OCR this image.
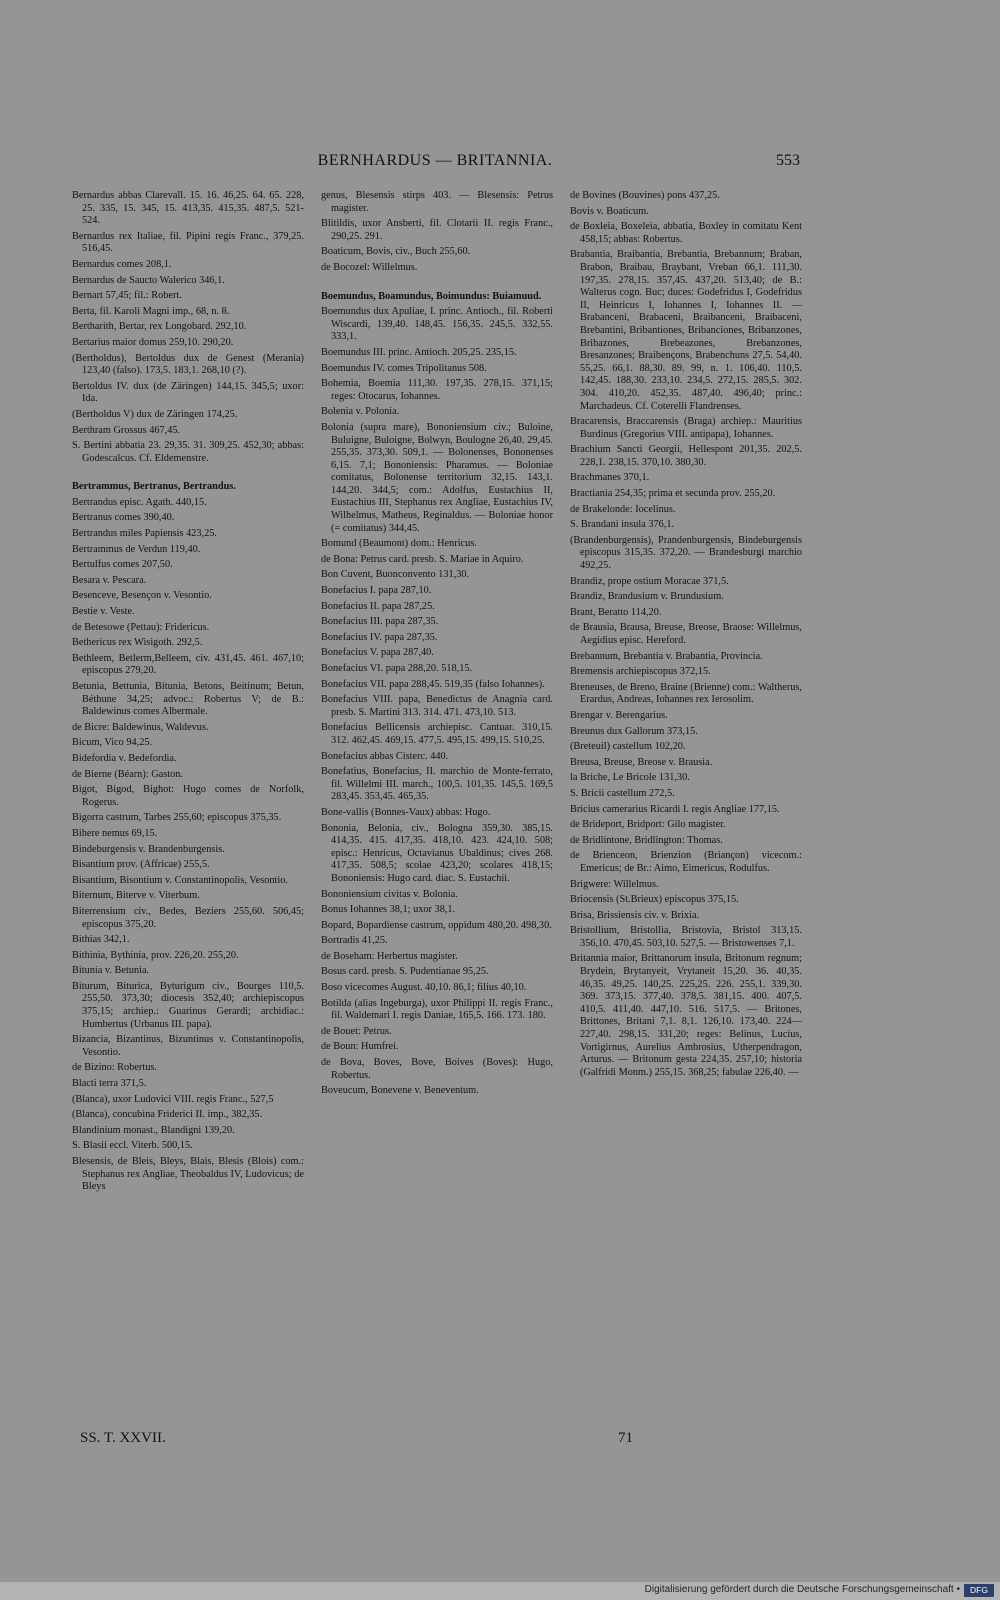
BERNHARDUS — BRITANNIA.	553

Bernardus abbas Clarevall. 15. 16. 46,25. 64. 65. 228, 25. 335, 15. 345, 15. 413,35. 415,35. 487,5. 521- 524.

Bernardus rex Italiae, fil. Pipini regis Franc., 379,25. 516,45.

Bernardus comes 208,1.

Bernardus de Saucto Walerico 346,1.

Bernart 57,45; fil.: Robert.

Berta, fil. Karoli Magni imp., 68, n. 8.

Bertharith, Bertar, rex Longobard. 292,10.

Bertarius maior domus 259,10. 290,20.

(Bertholdus), Bertoldus dux de Genest (Merania) 123,40 (falso). 173,5. 183,1. 268,10 (?).

Bertoldus IV. dux (de Zäringen) 144,15. 345,5; uxor: Ida.

(Bertholdus V) dux de Zäringen 174,25.

Berthram Grossus 467,45.

S. Bertini abbatia 23. 29,35. 31. 309,25. 452,30; abbas: Godescalcus. Cf. Eldemenstre.

Bertrammus, Bertranus, Bertrandus.

Bertrandus episc. Agath. 440,15.

Bertranus comes 390,40.

Bertrandus miles Papiensis 423,25.

Bertrammus de Verdun 119,40.

Bertulfus comes 207,50.

Besara v. Pescara.

Besenceve, Besençon v. Vesontio.

Bestie v. Veste.

de Betesowe (Pettau): Fridericus.

Bethericus rex Wisigoth. 292,5.

Bethleem, Betlerm,Belleem, civ. 431,45. 461. 467,10; episcopus 279,20.

Betunia, Bettunia, Bitunia, Betons, Beitinum; Betun, Béthune 34,25; advoc.: Robertus V; de B.: Baldewinus comes Albermale.

de Bicre: Baldewinus, Waldevus.

Bicum, Vico 94,25.

Bidefordia v. Bedefordia.

de Bierne (Béarn): Gaston.

Bigot, Bigod, Bighot: Hugo comes de Norfolk, Rogerus.

Bigorra castrum, Tarbes 255,60; episcopus 375,35.

Bihere nemus 69,15.

Bindeburgensis v. Brandenburgensis.

Bisantium prov. (Affricae) 255,5.

Bisantium, Bisontium v. Constantinopolis, Vesontio.

Biternum, Biterve v. Viterbum.

Biterrensium civ., Bedes, Beziers 255,60. 506,45; episcopus 375,20.

Bithias 342,1.

Bithinia, Bythinia, prov. 226,20. 255,20.

Bitunia v. Betunia.

Biturum, Biturica, Byturigum civ., Bourges 110,5. 255,50. 373,30; diocesis 352,40; archiepiscopus 375,15; archiep.: Guarinus Gerardi; archidiac.: Humbertus (Urbanus III. papa).

Bizancia, Bizantinus, Bizuntinus v. Constantinopolis, Vesontio.

de Bizino: Robertus.

Blacti terra 371,5.

(Blanca), uxor Ludovici VIII. regis Franc., 527,5

(Blanca), concubina Friderici II. imp., 382,35.

Blandinium monast., Blandigni 139,20.

S. Blasii eccl. Viterb. 500,15.

Blesensis, de Bleis, Bleys, Blais, Blesis (Blois) com.: Stephanus rex Angliae, Theobaldus IV, Ludovicus; de Bleys

genus, Blesensis stirps 403. — Blesensis: Petrus magister.

Blitildis, uxor Ansberti, fil. Clotarii II. regis Franc., 290,25. 291.

Boaticum, Bovis, civ., Buch 255,60.

de Bocozel: Willelmus.

Boemundus, Boamundus, Boimundus: Buiamuud.

Boemundus dux Apuliae, I. princ. Antioch., fil. Roberti Wiscardi, 139,40. 148,45. 156,35. 245,5. 332,55. 333,1.

Boemundus III. princ. Antioch. 205,25. 235,15.

Boemundus IV. comes Tripolitanus 508.

Bohemia, Boemia 111,30. 197,35. 278,15. 371,15; reges: Otocarus, Iohannes.

Bolenia v. Polonia.

Bolonia (supra mare), Bononiensium civ.; Buloine, Buluigne, Buloigne, Bolwyn, Boulogne 26,40. 29,45. 255,35. 373,30. 509,1. — Bolonenses, Bononenses 6,15. 7,1; Bononiensis: Pharamus. — Boloniae comitatus, Bolonense territorium 32,15. 143,1. 144,20. 344,5; com.: Adolfus, Eustachius II, Eustachius III, Stephanus rex Angliae, Eustachius IV, Wilhelmus, Matheus, Reginaldus. — Boloniae honor (= comitatus) 344,45.

Bomund (Beaumont) dom.: Henricus.

de Bona: Petrus card. presb. S. Mariae in Aquiro.

Bon Cuvent, Buonconvento 131,30.

Bonefacius I. papa 287,10.

Bonefacius II. papa 287,25.

Bonefacius III. papa 287,35.

Bonefacius IV. papa 287,35.

Bonefacius V. papa 287,40.

Bonefacius VI. papa 288,20. 518,15.

Bonefacius VII. papa 288,45. 519,35 (falso Iohannes).

Bonefacius VIII. papa, Benedictus de Anagnia card. presb. S. Martini 313. 314. 471. 473,10. 513.

Bonefacius Bellicensis archiepisc. Cantuar. 310,15. 312. 462,45. 469,15. 477,5. 495,15. 499,15. 510,25.

Bonefacius abbas Cisterc. 440.

Bonefatius, Bonefacius, II. marchio de Monte-ferrato, fil. Willelmi III. march., 100,5. 101,35. 145,5. 169,5 283,45. 353,45. 465,35.

Bone-vallis (Bonnes-Vaux) abbas: Hugo.

Bononia, Belonia, civ., Bologna 359,30. 385,15. 414,35. 415. 417,35. 418,10. 423. 424,10. 508; episc.: Henricus, Octavianus Ubaldinus; cives 268. 417,35. 508,5; scolae 423,20; scolares 418,15; Bononiensis: Hugo card. diac. S. Eustachii.

Bononiensium civitas v. Bolonia.

Bonus Iohannes 38,1; uxor 38,1.

Bopard, Bopardiense castrum, oppidum 480,20. 498,30.

Bortradis 41,25.

de Boseham: Herbertus magister.

Bosus card. presb. S. Pudentianae 95,25.

Boso vicecomes August. 40,10. 86,1; filius 40,10.

Botilda (alias Ingeburga), uxor Philippi II. regis Franc., fil. Waldemari I. regis Daniae, 165,5. 166. 173. 180.

de Bouet: Petrus.

de Boun: Humfrei.

de Bova, Boves, Bove, Boives (Boves): Hugo, Robertus.

Boveucum, Bonevene v. Beneventum.

de Bovines (Bouvines) pons 437,25.

Bovis v. Boaticum.

de Boxleia, Boxeleia, abbatia, Boxley in comitatu Kent 458,15; abbas: Robertus.

Brabantia, Braibantia, Brebantia, Brebannum; Braban, Brabon, Braibau, Braybant, Vreban 66,1. 111,30. 197,35. 278,15. 357,45. 437,20. 513,40; de B.: Walterus cogn. Buc; duces: Godefridus I, Godefridus II, Heinricus I, Iohannes I, Iohannes II. — Brabanceni, Brabaceni, Braibanceni, Braibaceni, Brebantini, Bribantiones, Bribanciones, Bribanzones, Bribazones, Brebeazones, Brebanzones, Bresanzones; Braibençons, Brabenchuns 27,5. 54,40. 55,25. 66,1. 88,30. 89. 99, n. 1. 106,40. 110,5. 142,45. 188,30. 233,10. 234,5. 272,15. 285,5. 302. 304. 410,20. 452,35. 487,40. 496,40; princ.: Marchadeus. Cf. Coterelli Flandrenses.

Bracarensis, Braccarensis (Braga) archiep.: Mauritius Burdinus (Gregorius VIII. antipapa), Iohannes.

Brachium Sancti Georgii, Hellespont 201,35. 202,5. 228,1. 238,15. 370,10. 380,30.

Brachmanes 370,1.

Bractiania 254,35; prima et secunda prov. 255,20.

de Brakelonde: Iocelinus.

S. Brandani insula 376,1.

(Brandenburgensis), Prandenburgensis, Bindeburgensis episcopus 315,35. 372,20. — Brandesburgi marchio 492,25.

Brandiz, prope ostium Moracae 371,5.

Brandiz, Brandusium v. Brundusium.

Brant, Beratto 114,20.

de Brausia, Brausa, Breuse, Breose, Braose: Willelmus, Aegidius episc. Hereford.

Brebannum, Brebantia v. Brabantia, Provincia.

Bremensis archiepiscopus 372,15.

Breneuses, de Breno, Braine (Brienne) com.: Waltherus, Erardus, Andreas, Iohannes rex Ierosolim.

Brengar v. Berengarius.

Breunus dux Gallorum 373,15.

(Breteuil) castellum 102,20.

Breusa, Breuse, Breose v. Brausia.

la Briche, Le Bricole 131,30.

S. Bricii castellum 272,5.

Bricius camerarius Ricardi I. regis Angliae 177,15.

de Brideport, Bridport: Gilo magister.

de Bridlintone, Bridlington: Thomas.

de Brienceon, Brienzion (Briançon) vicecom.: Emericus; de Br.: Aimo, Eimericus, Rodulfus.

Brigwere: Willelmus.

Briocensis (St.Brieux) episcopus 375,15.

Brisa, Brissiensis civ. v. Brixia.

Bristollium, Bristollia, Bristovia, Bristol 313,15. 356,10. 470,45. 503,10. 527,5. — Bristowenses 7,1.

Britannia maior, Brittanorum insula, Britonum regnum; Brydein, Brytanyeit, Vrytaneit 15,20. 36. 40,35. 46,35. 49,25. 140,25. 225,25. 226. 255,1. 339,30. 369. 373,15. 377,40. 378,5. 381,15. 400. 407,5. 410,5. 411,40. 447,10. 516. 517,5. — Britones, Brittones, Britani 7,1. 8,1. 126,10. 173,40. 224—227,40. 298,15. 331,20; reges: Belinus, Lucius, Vortigirnus, Aurelius Ambrosius, Utherpendragon, Arturus. — Britonum gesta 224,35. 257,10; historia (Galfridi Monm.) 255,15. 368,25; fabulae 226,40. —

SS. T. XXVII.	71
Digitalisierung gefördert durch die Deutsche Forschungsgemeinschaft •	DFG
